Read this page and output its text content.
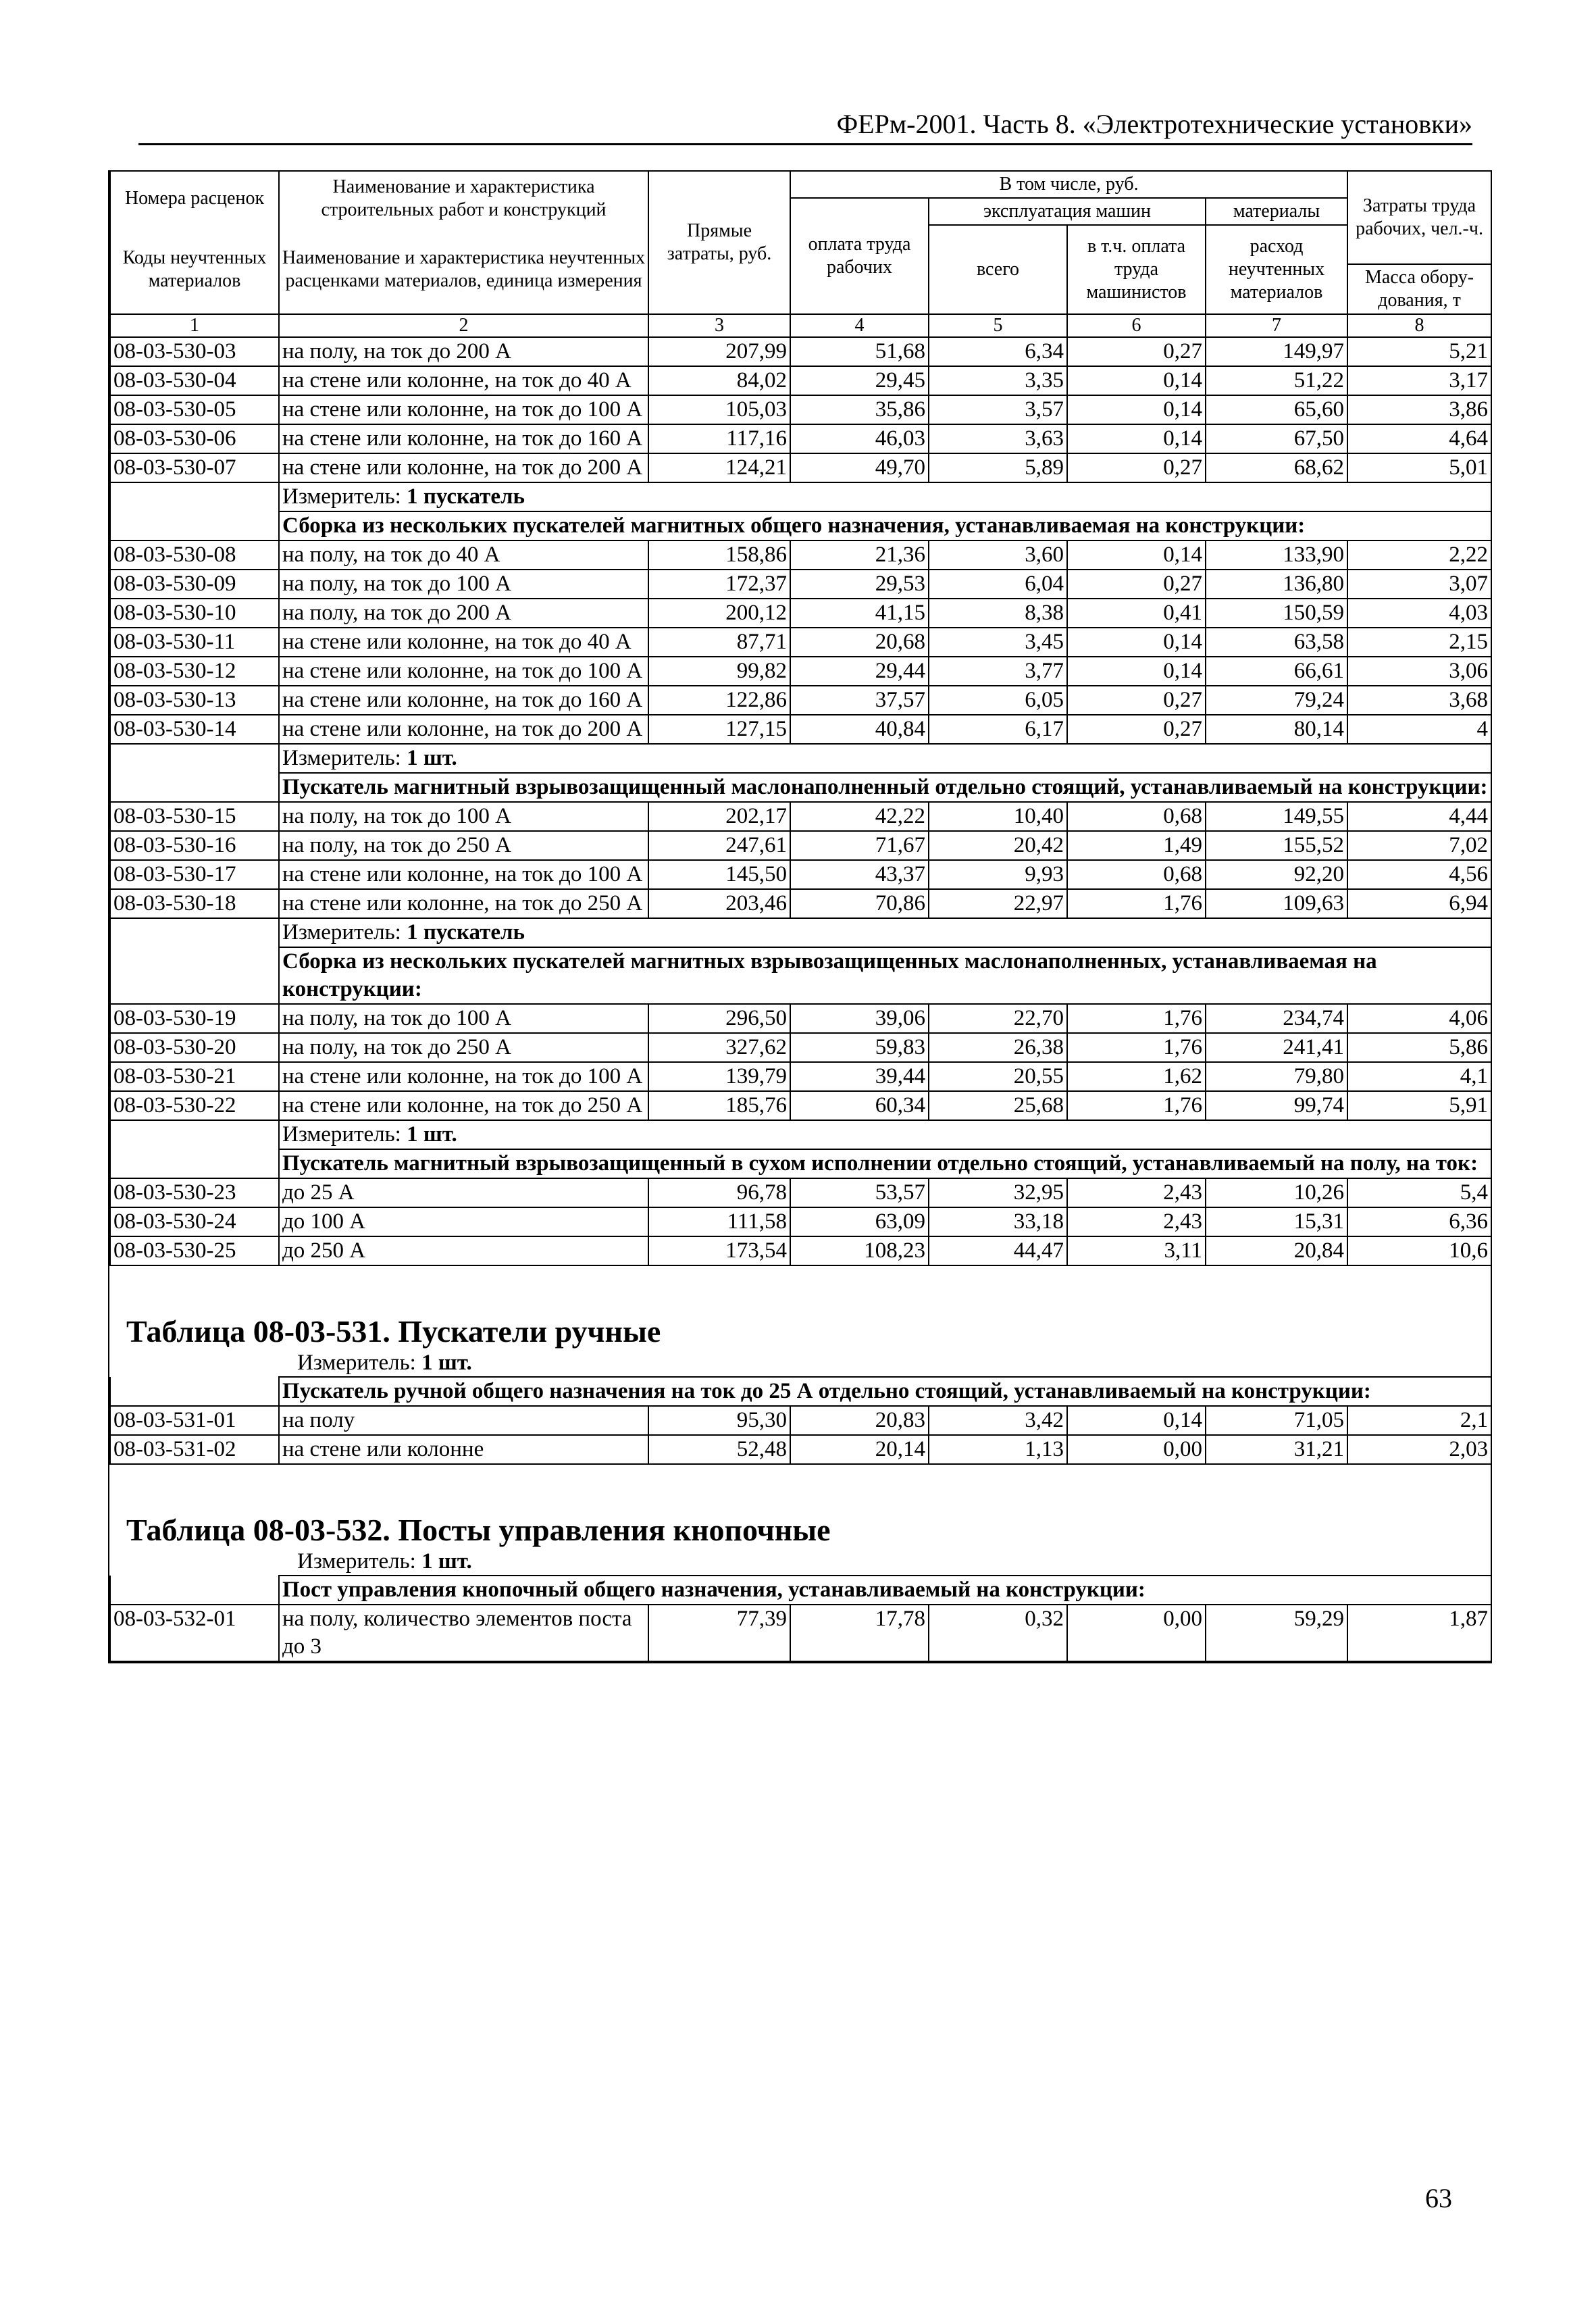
ФЕРм-2001. Часть 8. «Электротехнические установки»
Номера расценок	Наименование и характеристика строительных работ и конструкций	Прямые затраты, руб.	В том числе, руб.				Затраты труда рабочих, чел.-ч.
			оплата труда рабочих	эксплуатация машин		материалы	
Коды неучтенных материалов	Наименование и характеристика неучтенных расценками материалов, единица измерения			всего	в т.ч. оплата труда машинистов	расход неучтенных материалов	
							Масса обору-дования, т
1	2	3	4	5	6	7	8
08-03-530-03	на полу, на ток до 200 А	207,99	51,68	6,34	0,27	149,97	5,21
08-03-530-04	на стене или колонне, на ток до 40 А	84,02	29,45	3,35	0,14	51,22	3,17
08-03-530-05	на стене или колонне, на ток до 100 А	105,03	35,86	3,57	0,14	65,60	3,86
08-03-530-06	на стене или колонне, на ток до 160 А	117,16	46,03	3,63	0,14	67,50	4,64
08-03-530-07	на стене или колонне, на ток до 200 А	124,21	49,70	5,89	0,27	68,62	5,01
	Измеритель: 1 пускатель						
	Сборка из нескольких пускателей магнитных общего назначения, устанавливаемая на конструкции:						
08-03-530-08	на полу, на ток до 40 А	158,86	21,36	3,60	0,14	133,90	2,22
08-03-530-09	на полу, на ток до 100 А	172,37	29,53	6,04	0,27	136,80	3,07
08-03-530-10	на полу, на ток до 200 А	200,12	41,15	8,38	0,41	150,59	4,03
08-03-530-11	на стене или колонне, на ток до 40 А	87,71	20,68	3,45	0,14	63,58	2,15
08-03-530-12	на стене или колонне, на ток до 100 А	99,82	29,44	3,77	0,14	66,61	3,06
08-03-530-13	на стене или колонне, на ток до 160 А	122,86	37,57	6,05	0,27	79,24	3,68
08-03-530-14	на стене или колонне, на ток до 200 А	127,15	40,84	6,17	0,27	80,14	4
	Измеритель: 1 шт.						
	Пускатель магнитный взрывозащищенный маслонаполненный отдельно стоящий, устанавливаемый на конструкции:						
08-03-530-15	на полу, на ток до 100 А	202,17	42,22	10,40	0,68	149,55	4,44
08-03-530-16	на полу, на ток до 250 А	247,61	71,67	20,42	1,49	155,52	7,02
08-03-530-17	на стене или колонне, на ток до 100 А	145,50	43,37	9,93	0,68	92,20	4,56
08-03-530-18	на стене или колонне, на ток до 250 А	203,46	70,86	22,97	1,76	109,63	6,94
	Измеритель: 1 пускатель						
	Сборка из нескольких пускателей магнитных взрывозащищенных маслонаполненных, устанавливаемая на конструкции:						
08-03-530-19	на полу, на ток до 100 А	296,50	39,06	22,70	1,76	234,74	4,06
08-03-530-20	на полу, на ток до 250 А	327,62	59,83	26,38	1,76	241,41	5,86
08-03-530-21	на стене или колонне, на ток до 100 А	139,79	39,44	20,55	1,62	79,80	4,1
08-03-530-22	на стене или колонне, на ток до 250 А	185,76	60,34	25,68	1,76	99,74	5,91
	Измеритель: 1 шт.						
	Пускатель магнитный взрывозащищенный в сухом исполнении отдельно стоящий, устанавливаемый на полу, на ток:						
08-03-530-23	до 25 А	96,78	53,57	32,95	2,43	10,26	5,4
08-03-530-24	до 100 А	111,58	63,09	33,18	2,43	15,31	6,36
08-03-530-25	до 250 А	173,54	108,23	44,47	3,11	20,84	10,6
Таблица 08-03-531. Пускатели ручные
Измеритель: 1 шт.
	Пускатель ручной общего назначения на ток до 25 А отдельно стоящий, устанавливаемый на конструкции:						
08-03-531-01	на полу	95,30	20,83	3,42	0,14	71,05	2,1
08-03-531-02	на стене или колонне	52,48	20,14	1,13	0,00	31,21	2,03
Таблица 08-03-532. Посты управления кнопочные
Измеритель: 1 шт.
	Пост управления кнопочный общего назначения, устанавливаемый на конструкции:						
08-03-532-01	на полу, количество элементов поста до 3	77,39	17,78	0,32	0,00	59,29	1,87
63
